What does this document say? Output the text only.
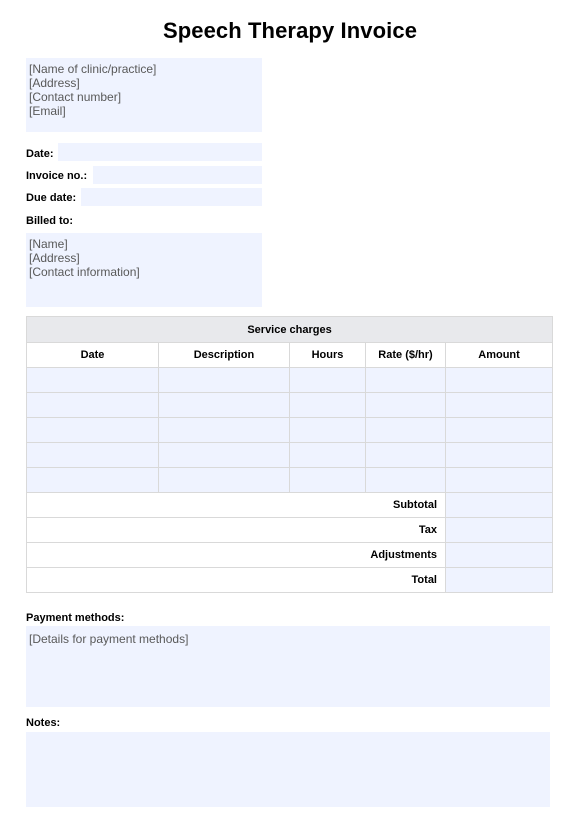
Speech Therapy Invoice
[Name of clinic/practice]
[Address]
[Contact number]
[Email]
Date:
Invoice no.:
Due date:
Billed to:
[Name]
[Address]
[Contact information]
Service charges				
Date	Description	Hours	Rate ($/hr)	Amount

Subtotal				
Tax				
Adjustments				
Total				
Payment methods:
[Details for payment methods]
Notes:
